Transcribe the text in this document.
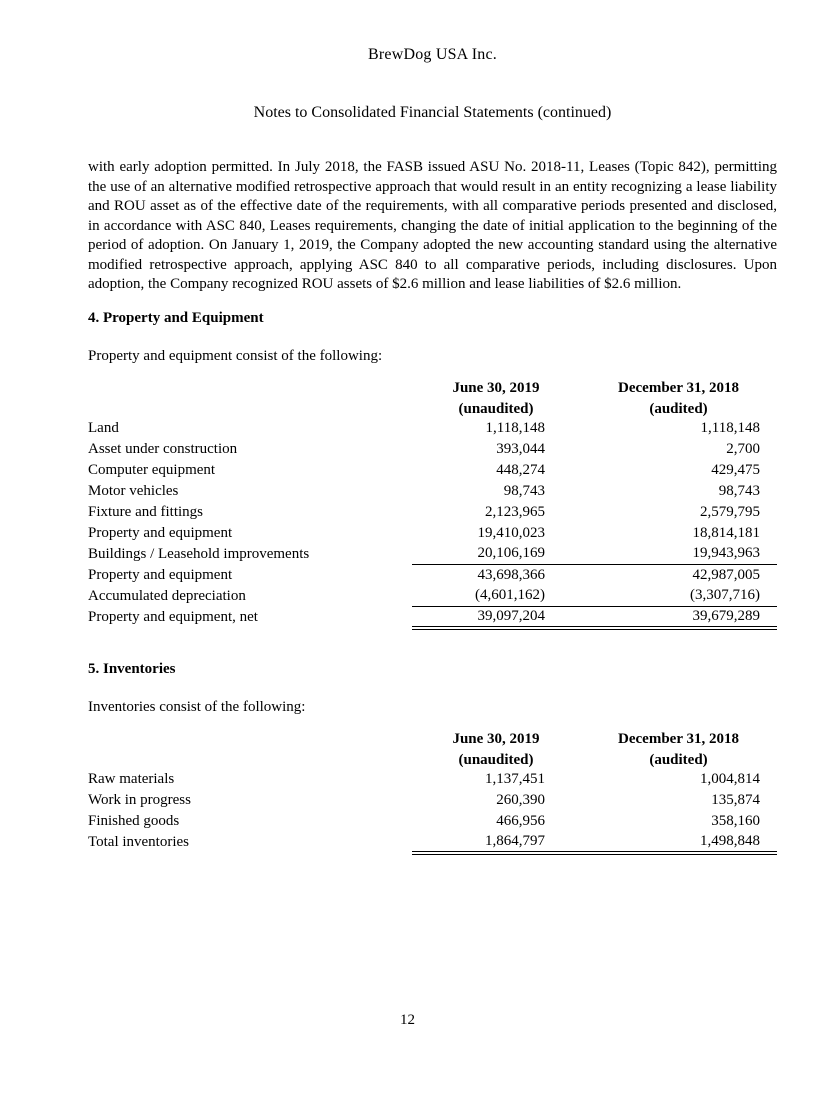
BrewDog USA Inc.
Notes to Consolidated Financial Statements (continued)

with early adoption permitted. In July 2018, the FASB issued ASU No. 2018-11, Leases (Topic 842), permitting the use of an alternative modified retrospective approach that would result in an entity recognizing a lease liability and ROU asset as of the effective date of the requirements, with all comparative periods presented and disclosed, in accordance with ASC 840, Leases requirements, changing the date of initial application to the beginning of the period of adoption. On January 1, 2019, the Company adopted the new accounting standard using the alternative modified retrospective approach, applying ASC 840 to all comparative periods, including disclosures. Upon adoption, the Company recognized ROU assets of $2.6 million and lease liabilities of $2.6 million.

4. Property and Equipment
Property and equipment consist of the following:
	June 30, 2019	December 31, 2018
	(unaudited)	(audited)
Land	1,118,148	1,118,148
Asset under construction	393,044	2,700
Computer equipment	448,274	429,475
Motor vehicles	98,743	98,743
Fixture and fittings	2,123,965	2,579,795
Property and equipment	19,410,023	18,814,181
Buildings / Leasehold improvements	20,106,169	19,943,963
Property and equipment	43,698,366	42,987,005
Accumulated depreciation	(4,601,162)	(3,307,716)
Property and equipment, net	39,097,204	39,679,289
5. Inventories
Inventories consist of the following:
	June 30, 2019	December 31, 2018
	(unaudited)	(audited)
Raw materials	1,137,451	1,004,814
Work in progress	260,390	135,874
Finished goods	466,956	358,160
Total inventories	1,864,797	1,498,848
12
